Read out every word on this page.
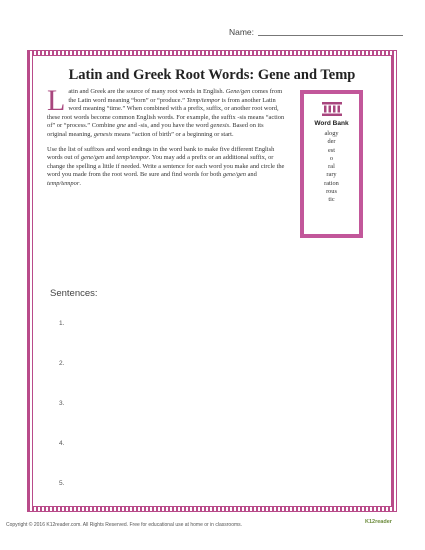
Name:
Latin and Greek Root Words: Gene and Temp

Latin and Greek are the source of many root words in English. Gene/gen comes from the Latin word meaning “born” or “produce.” Temp/tempor is from another Latin word meaning “time.” When combined with a prefix, suffix, or another root word, these root words become common English words. For example, the suffix -sis means “action of” or “process.” Combine gne and -sis, and you have the word genesis. Based on its original meaning, genesis means “action of birth” or a beginning or start.

Use the list of suffixes and word endings in the word bank to make five different English words out of gene/gen and temp/tempor. You may add a prefix or an additional suffix, or change the spelling a little if needed. Write a sentence for each word you make and circle the word you made from the root word. Be sure and find words for both gene/gen and temp/tempor.

Word Bank
alogy
der
est
o
ral
rary
ration
rous
tic
Sentences:
1.
2.
3.
4.
5.
Copyright © 2016 K12reader.com. All Rights Reserved. Free for educational use at home or in classrooms.	K12reader
